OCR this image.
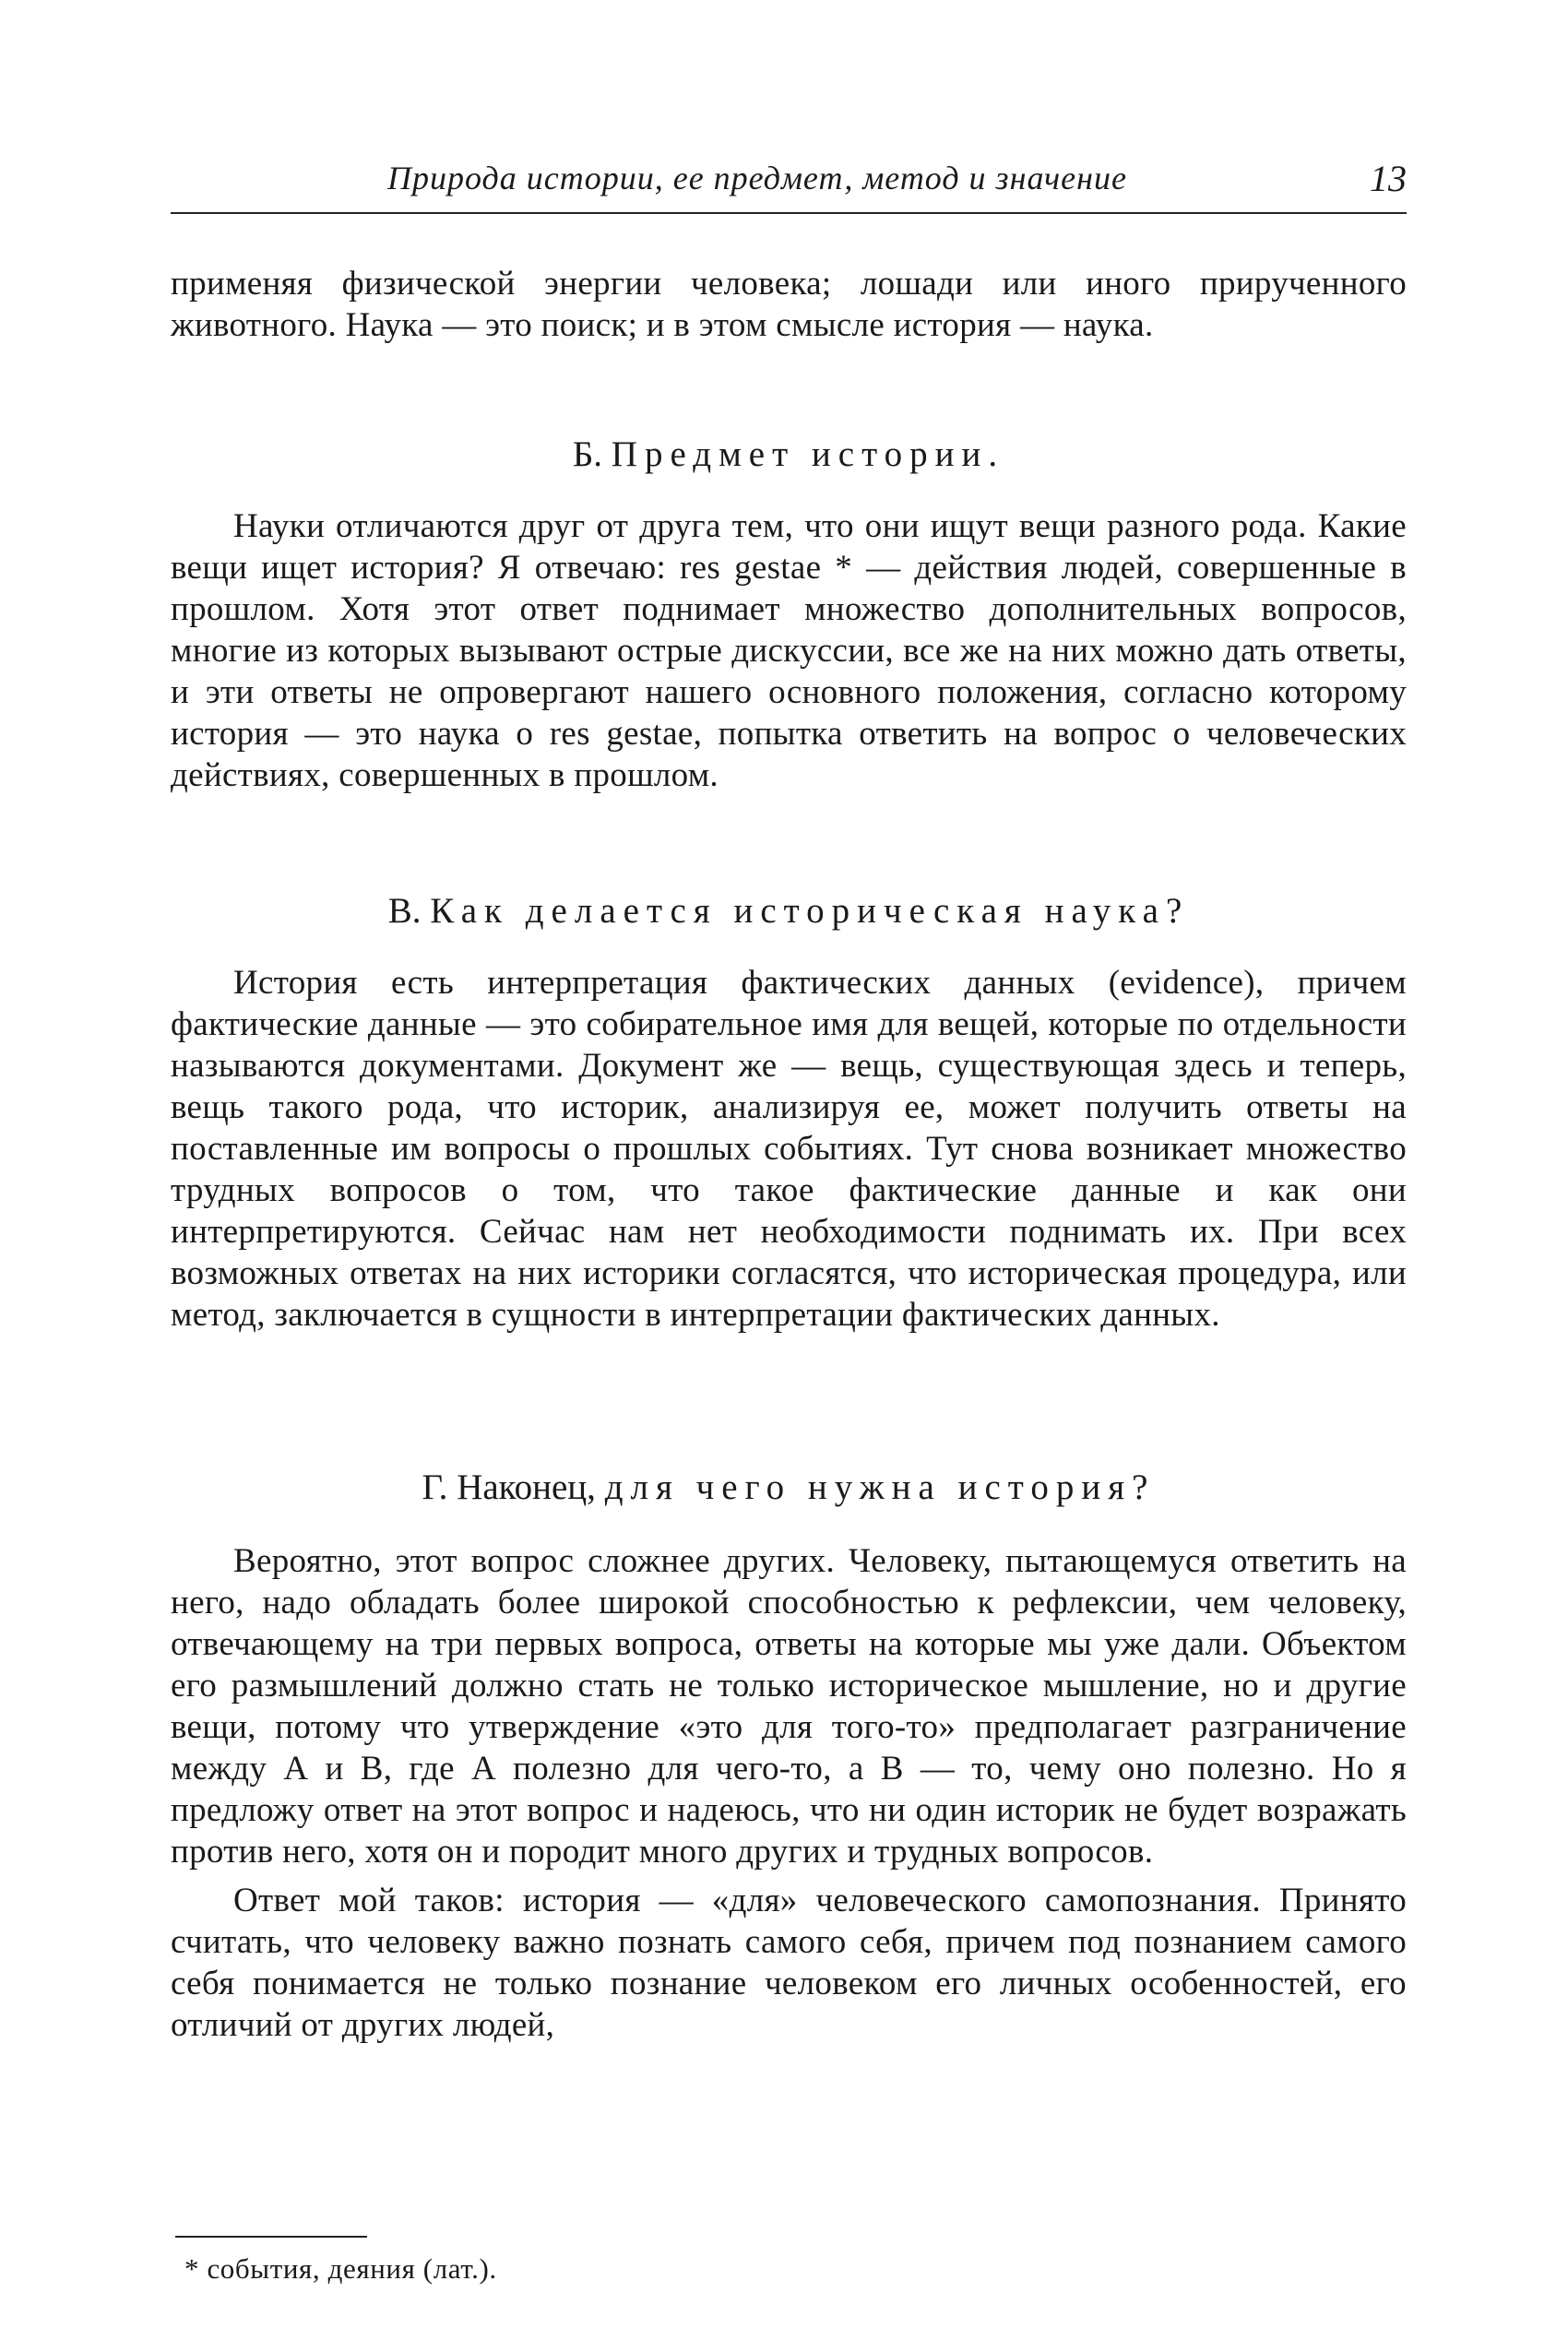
Природа истории, ее предмет, метод и значение	13

применяя физической энергии человека; лошади или иного прирученного животного. Наука — это поиск; и в этом смысле история — наука.

Б. Предмет истории.

Науки отличаются друг от друга тем, что они ищут вещи разного рода. Какие вещи ищет история? Я отвечаю: res gestae * — действия людей, совершенные в прошлом. Хотя этот ответ поднимает множество дополнительных вопросов, многие из которых вызывают острые дискуссии, все же на них можно дать ответы, и эти ответы не опровергают нашего основного положения, согласно которому история — это наука о res gestae, попытка ответить на вопрос о человеческих действиях, совершенных в прошлом.

В. Как делается историческая наука?

История есть интерпретация фактических данных (evidence), причем фактические данные — это собирательное имя для вещей, которые по отдельности называются документами. Документ же — вещь, существующая здесь и теперь, вещь такого рода, что историк, анализируя ее, может получить ответы на поставленные им вопросы о прошлых событиях. Тут снова возникает множество трудных вопросов о том, что такое фактические данные и как они интерпретируются. Сейчас нам нет необходимости поднимать их. При всех возможных ответах на них историки согласятся, что историческая процедура, или метод, заключается в сущности в интерпретации фактических данных.

Г. Наконец, для чего нужна история?

Вероятно, этот вопрос сложнее других. Человеку, пытающемуся ответить на него, надо обладать более широкой способностью к рефлексии, чем человеку, отвечающему на три первых вопроса, ответы на которые мы уже дали. Объектом его размышлений должно стать не только историческое мышление, но и другие вещи, потому что утверждение «это для того-то» предполагает разграничение между А и В, где А полезно для чего-то, а В — то, чему оно полезно. Но я предложу ответ на этот вопрос и надеюсь, что ни один историк не будет возражать против него, хотя он и породит много других и трудных вопросов.

Ответ мой таков: история — «для» человеческого самопознания. Принято считать, что человеку важно познать самого себя, причем под познанием самого себя понимается не только познание человеком его личных особенностей, его отличий от других людей,

* события, деяния (лат.).
